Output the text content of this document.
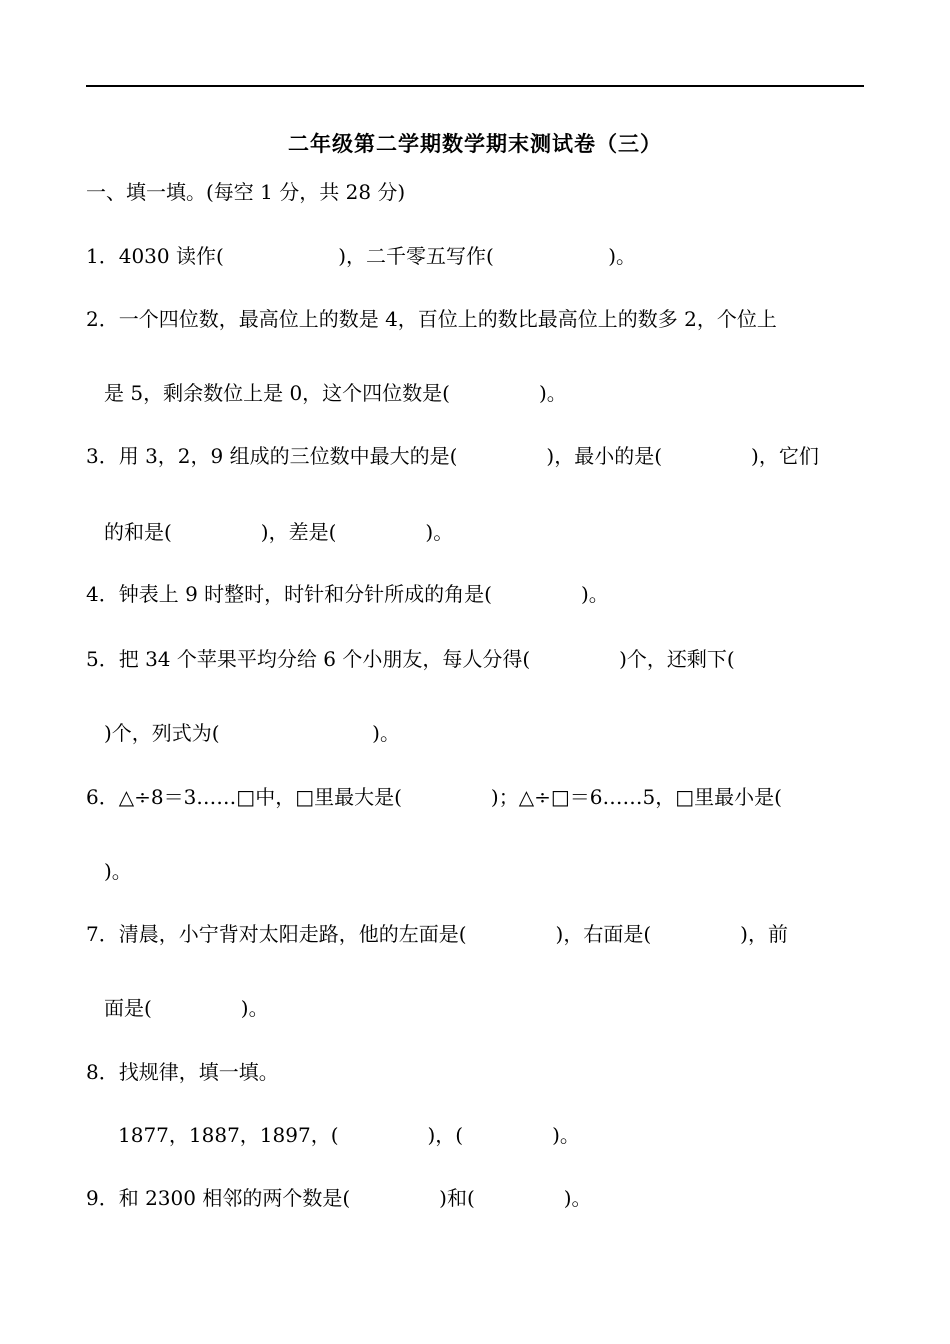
二年级第二学期数学期末测试卷（三）
一、填一填。(每空 1 分，共 28 分)
1．4030 读作(                  )，二千零五写作(                  )。
2．一个四位数，最高位上的数是 4，百位上的数比最高位上的数多 2，个位上
是 5，剩余数位上是 0，这个四位数是(              )。
3．用 3，2，9 组成的三位数中最大的是(              )，最小的是(              )，它们
的和是(              )，差是(              )。
4．钟表上 9 时整时，时针和分针所成的角是(              )。
5．把 34 个苹果平均分给 6 个小朋友，每人分得(              )个，还剩下(
)个，列式为(                        )。
6．△÷8＝3……□中，□里最大是(              )；△÷□＝6……5，□里最小是(
)。
7．清晨，小宁背对太阳走路，他的左面是(              )，右面是(              )，前
面是(              )。
8．找规律，填一填。
1877，1887，1897，(              )，(              )。
9．和 2300 相邻的两个数是(              )和(              )。
